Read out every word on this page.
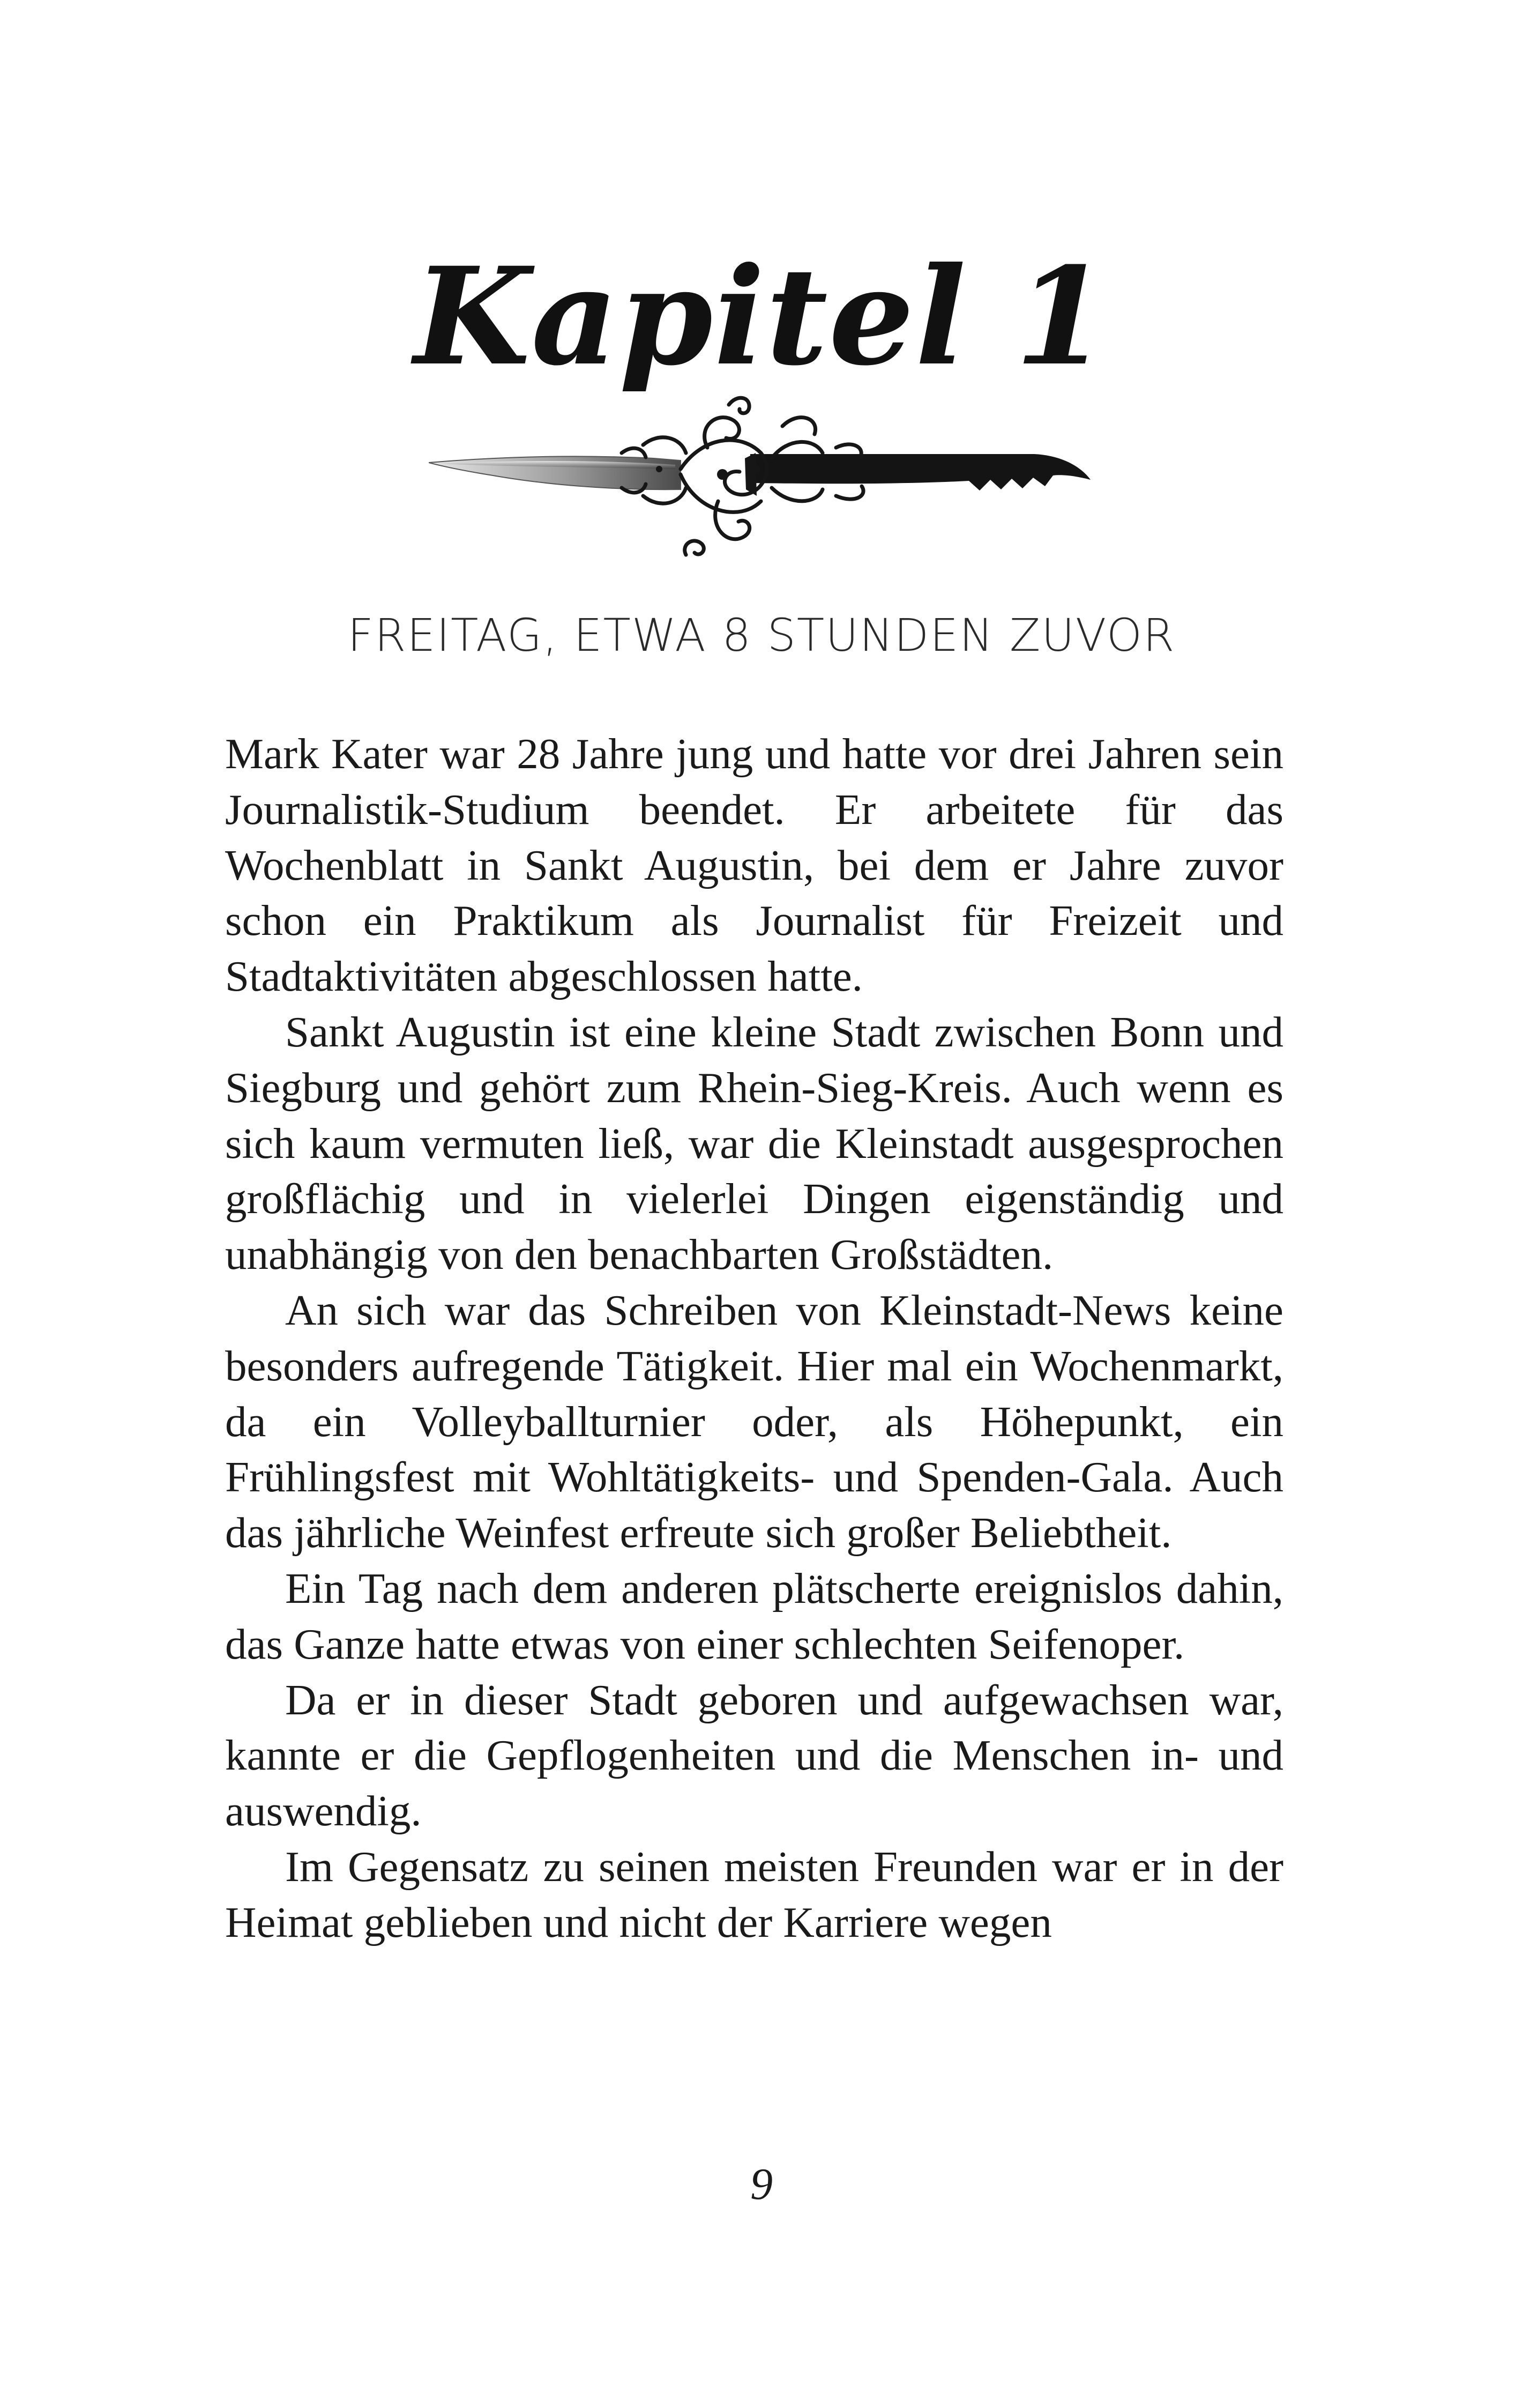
Kapitel 1
FREITAG, ETWA 8 STUNDEN ZUVOR

Mark Kater war 28 Jahre jung und hatte vor drei Jahren sein Journalistik-Studium beendet. Er arbeitete für das Wochenblatt in Sankt Augustin, bei dem er Jahre zuvor schon ein Praktikum als Journalist für Freizeit und Stadtaktivitäten abgeschlossen hatte.

Sankt Augustin ist eine kleine Stadt zwischen Bonn und Siegburg und gehört zum Rhein-Sieg-Kreis. Auch wenn es sich kaum vermuten ließ, war die Kleinstadt ausgesprochen großflächig und in vielerlei Dingen eigenständig und unabhängig von den benachbarten Großstädten.

An sich war das Schreiben von Kleinstadt-News keine besonders aufregende Tätigkeit. Hier mal ein Wochenmarkt, da ein Volleyballturnier oder, als Höhepunkt, ein Frühlingsfest mit Wohltätigkeits- und Spenden-Gala. Auch das jährliche Weinfest erfreute sich großer Beliebtheit.

Ein Tag nach dem anderen plätscherte ereignislos dahin, das Ganze hatte etwas von einer schlechten Seifenoper.

Da er in dieser Stadt geboren und aufgewachsen war, kannte er die Gepflogenheiten und die Menschen in- und auswendig.

Im Gegensatz zu seinen meisten Freunden war er in der Heimat geblieben und nicht der Karriere wegen

9
